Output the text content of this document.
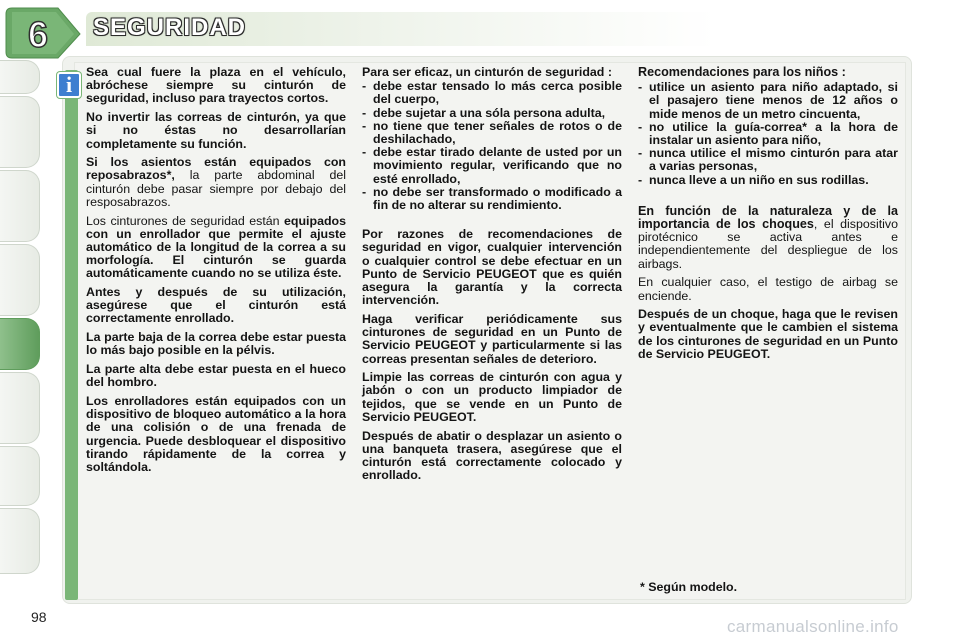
6 SEGURIDAD
i Sea cual fuere la plaza en el vehículo, abróchese siempre su cinturón de seguridad, incluso para trayectos cortos.

No invertir las correas de cinturón, ya que si no éstas no desarrollarían completamente su función.

Si los asientos están equipados con reposabrazos*, la parte abdominal del cinturón debe pasar siempre por debajo del resposabrazos.

Los cinturones de seguridad están equipados con un enrollador que permite el ajuste automático de la longitud de la correa a su morfología. El cinturón se guarda automáticamente cuando no se utiliza éste.

Antes y después de su utilización, asegúrese que el cinturón está correctamente enrollado.

La parte baja de la correa debe estar puesta lo más bajo posible en la pélvis.

La parte alta debe estar puesta en el hueco del hombro.

Los enrolladores están equipados con un dispositivo de bloqueo automático a la hora de una colisión o de una frenada de urgencia. Puede desbloquear el dispositivo tirando rápidamente de la correa y soltándola.

Para ser eficaz, un cinturón de seguridad :

- debe estar tensado lo más cerca posible del cuerpo,
- debe sujetar a una sóla persona adulta,
- no tiene que tener señales de rotos o de deshilachado,
- debe estar tirado delante de usted por un movimiento regular, verificando que no esté enrollado,
- no debe ser transformado o modificado a fin de no alterar su rendimiento.

Por razones de recomendaciones de seguridad en vigor, cualquier intervención o cualquier control se debe efectuar en un Punto de Servicio PEUGEOT que es quién asegura la garantía y la correcta intervención.

Haga verificar periódicamente sus cinturones de seguridad en un Punto de Servicio PEUGEOT y particularmente si las correas presentan señales de deterioro.

Limpie las correas de cinturón con agua y jabón o con un producto limpiador de tejidos, que se vende en un Punto de Servicio PEUGEOT.

Después de abatir o desplazar un asiento o una banqueta trasera, asegúrese que el cinturón está correctamente colocado y enrollado.

Recomendaciones para los niños :

- utilice un asiento para niño adaptado, si el pasajero tiene menos de 12 años o mide menos de un metro cincuenta,
- no utilice la guía-correa* a la hora de instalar un asiento para niño,
- nunca utilice el mismo cinturón para atar a varias personas,
- nunca lleve a un niño en sus rodillas.

En función de la naturaleza y de la importancia de los choques, el dispositivo pirotécnico se activa antes e independientemente del despliegue de los airbags.

En cualquier caso, el testigo de airbag se enciende.

Después de un choque, haga que le revisen y eventualmente que le cambien el sistema de los cinturones de seguridad en un Punto de Servicio PEUGEOT.

* Según modelo.
98	carmanualsonline.info
